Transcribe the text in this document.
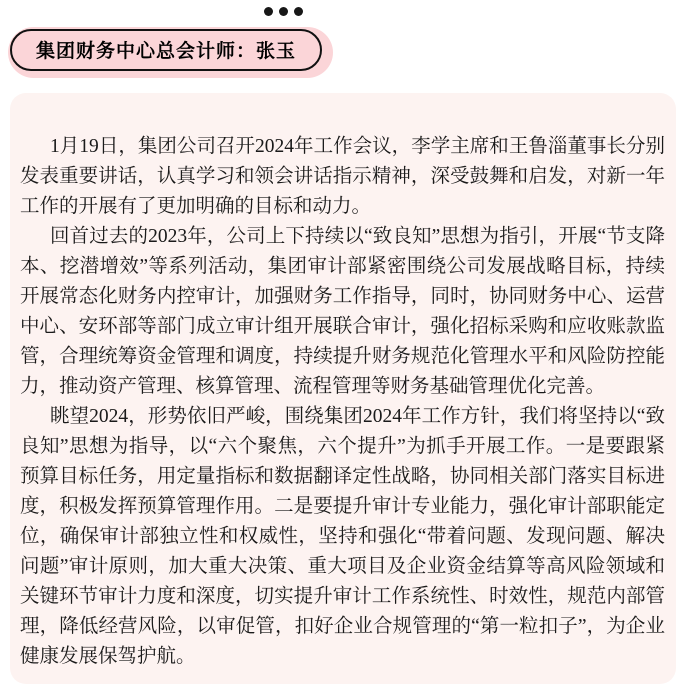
集团财务中心总会计师：张玉

1月19日，集团公司召开2024年工作会议，李学主席和王鲁淄董事长分别发表重要讲话，认真学习和领会讲话指示精神，深受鼓舞和启发，对新一年工作的开展有了更加明确的目标和动力。

回首过去的2023年，公司上下持续以“致良知”思想为指引，开展“节支降本、挖潜增效”等系列活动，集团审计部紧密围绕公司发展战略目标，持续开展常态化财务内控审计，加强财务工作指导，同时，协同财务中心、运营中心、安环部等部门成立审计组开展联合审计，强化招标采购和应收账款监管，合理统筹资金管理和调度，持续提升财务规范化管理水平和风险防控能力，推动资产管理、核算管理、流程管理等财务基础管理优化完善。

眺望2024，形势依旧严峻，围绕集团2024年工作方针，我们将坚持以“致良知”思想为指导，以“六个聚焦，六个提升”为抓手开展工作。一是要跟紧预算目标任务，用定量指标和数据翻译定性战略，协同相关部门落实目标进度，积极发挥预算管理作用。二是要提升审计专业能力，强化审计部职能定位，确保审计部独立性和权威性，坚持和强化“带着问题、发现问题、解决问题”审计原则，加大重大决策、重大项目及企业资金结算等高风险领域和关键环节审计力度和深度，切实提升审计工作系统性、时效性，规范内部管理，降低经营风险，以审促管，扣好企业合规管理的“第一粒扣子”，为企业健康发展保驾护航。
